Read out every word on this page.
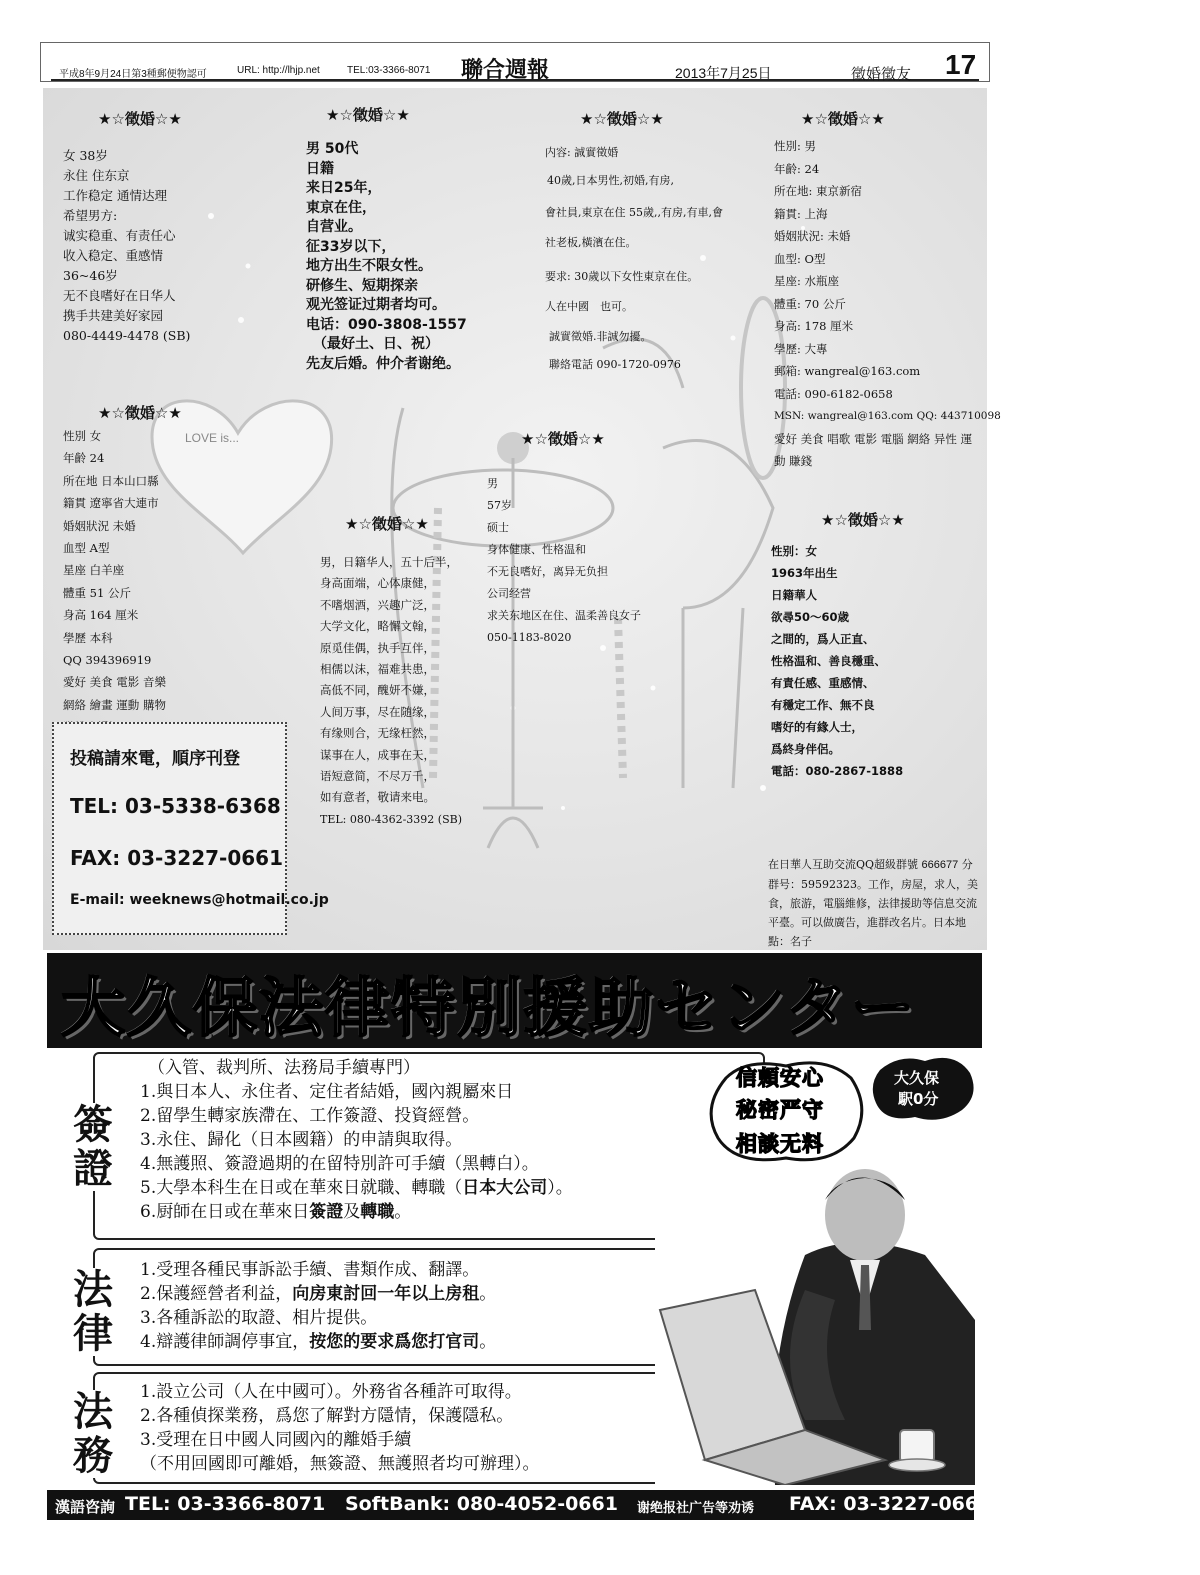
平成8年9月24日第3種郵便物認可	URL: http://lhjp.net	TEL:03-3366-8071 聯合週報	2013年7月25日	徵婚徵友 17
LOVE is...
★☆徵婚☆★
女 38岁
永住 住东京
工作稳定 通情达理
希望男方:
诚实稳重、有责任心
收入稳定、重感情
36~46岁
无不良嗜好在日华人
携手共建美好家园
080-4449-4478 (SB)
★☆徵婚☆★
男 50代
日籍
来日25年，
東京在住，
自营业。
征33岁以下，
地方出生不限女性。
研修生、短期探亲
观光签证过期者均可。
电话：090-3808-1557
　（最好土、日、祝）
先友后婚。仲介者谢绝。
★☆徵婚☆★
内容: 誠實徵婚
40歲,日本男性,初婚,有房,
會社員,東京在住 55歲,,有房,有車,會
社老板,橫濱在住。
要求: 30歲以下女性東京在住。
人在中國　也可。
誠實徵婚.非誠勿擾。
聯絡電話 090-1720-0976
★☆徵婚☆★
性別: 男
年齡: 24
所在地: 東京新宿
籍貫: 上海
婚姻狀況: 未婚
血型: O型
星座: 水瓶座
體重: 70 公斤
身高: 178 厘米
學歷: 大專
郵箱: wangreal@163.com
電話: 090-6182-0658
MSN: wangreal@163.com QQ: 443710098
愛好 美食 唱歌 電影 電腦 網絡 异性 運
動 賺錢
★☆徵婚☆★
性別 女
年齡 24
所在地 日本山口縣
籍貫 遼寧省大連市
婚姻狀況 未婚
血型 A型
星座 白羊座
體重 51 公斤
身高 164 厘米
學歷 本科
QQ 394396919
愛好 美食 電影 音樂
網絡 繪畫 運動 購物
★☆徵婚☆★
男
57岁
硕士
身体健康、性格温和
不无良嗜好，离异无负担
公司经营
求关东地区在住、温柔善良女子
050-1183-8020
★☆徵婚☆★
男，日籍华人，五十后半，
身高面端，心体康健，
不嗜烟酒，兴趣广泛，
大学文化，略懈文翰，
原觅佳偶，执手互伴，
相儒以沫，福难共患，
高低不同，醜妍不嫌，
人间万事，尽在随缘，
有缘则合，无缘枉然，
谋事在人，成事在天，
语短意简，不尽万千，
如有意者，敬请来电。
TEL: 080-4362-3392 (SB)
★☆徵婚☆★
性别：女
1963年出生
日籍華人
欲尋50～60歳
之間的，爲人正直、
性格温和、善良穩重、
有責任感、重感情、
有穩定工作、無不良
嗜好的有緣人士，
爲終身伴侶。
電話：080-2867-1888
在日華人互助交流QQ超級群號 666677 分群号：59592323。工作，房屋，求人，美食，旅游，電腦維修，法律援助等信息交流平臺。可以做廣告，進群改名片。日本地點：名子
投稿請來電，順序刊登
TEL: 03-5338-6368
FAX: 03-3227-0661
E-mail: weeknews@hotmail.co.jp
大久保法律特別援助センター
簽證
（入管、裁判所、法務局手續專門）
1.與日本人、永住者、定住者結婚，國內親屬來日
2.留學生轉家族滯在、工作簽證、投資經營。
3.永住、歸化（日本國籍）的申請與取得。
4.無護照、簽證過期的在留特別許可手續（黑轉白）。
5.大學本科生在日或在華來日就職、轉職（日本大公司）。
6.厨師在日或在華來日簽證及轉職。
法律
1.受理各種民事訴訟手續、書類作成、翻譯。
2.保護經營者利益，向房東討回一年以上房租。
3.各種訴訟的取證、相片提供。
4.辯護律師調停事宜，按您的要求爲您打官司。
法務
1.設立公司（人在中國可）。外務省各種許可取得。
2.各種偵探業務，爲您了解對方隱情，保護隱私。
3.受理在日中國人同國內的離婚手續
（不用回國即可離婚，無簽證、無護照者均可辦理）。
信頼安心
秘密严守
相談无料
大久保
駅0分
漢語咨詢 TEL: 03-3366-8071 SoftBank: 080-4052-0661 谢绝报社广告等劝诱 FAX: 03-3227-0661
